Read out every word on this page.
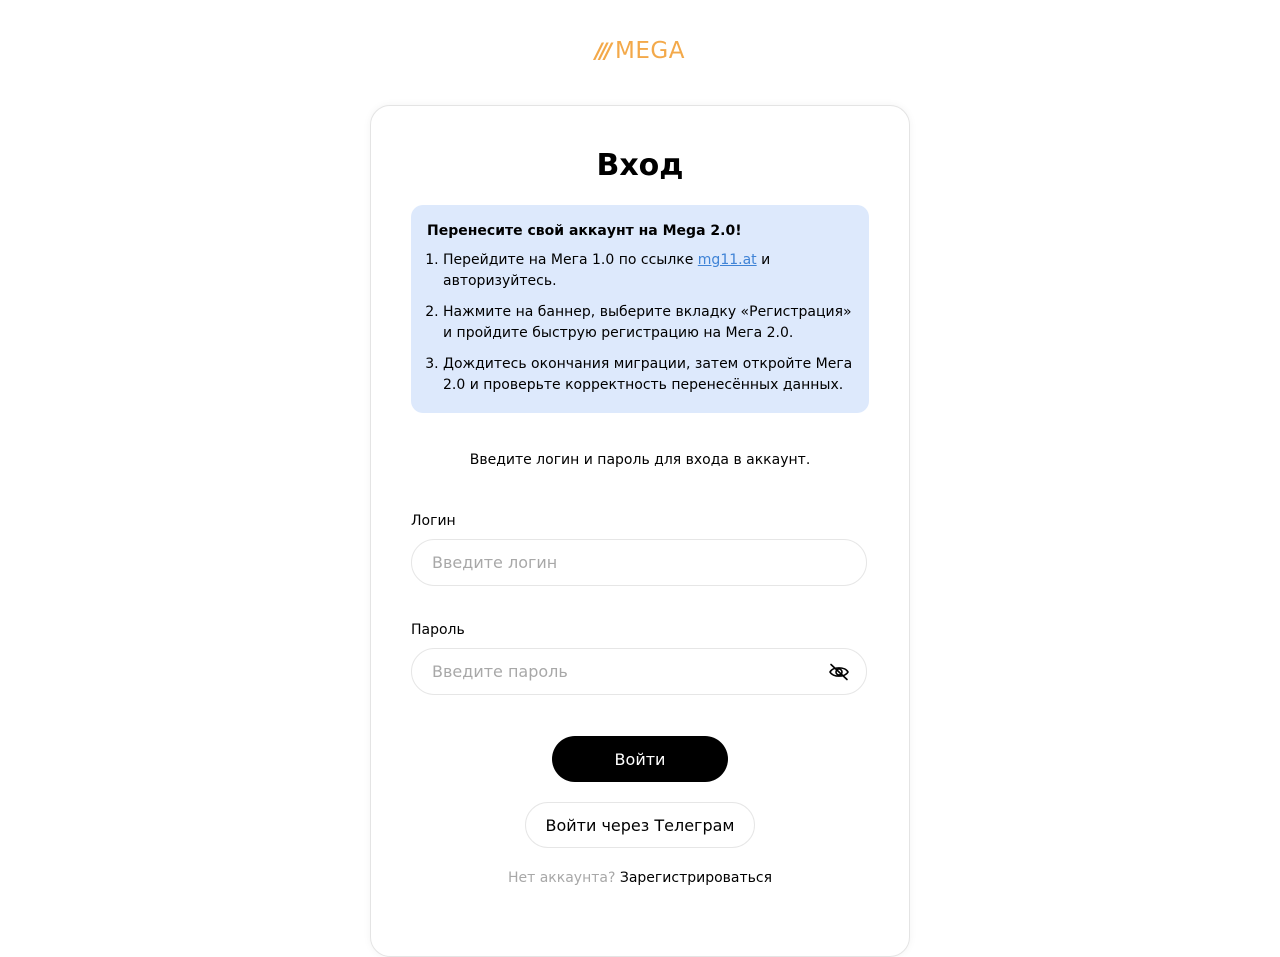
/// MEGA
Вход
Перенесите свой аккаунт на Mega 2.0!
1. Перейдите на Мега 1.0 по ссылке mg11.at и авторизуйтесь.
2. Нажмите на баннер, выберите вкладку «Регистрация» и пройдите быструю регистрацию на Мега 2.0.
3. Дождитесь окончания миграции, затем откройте Мега 2.0 и проверьте корректность перенесённых данных.
Введите логин и пароль для входа в аккаунт.
Логин
Введите логин
Пароль
Войти
Войти через Телеграм
Нет аккаунта? Зарегистрироваться
